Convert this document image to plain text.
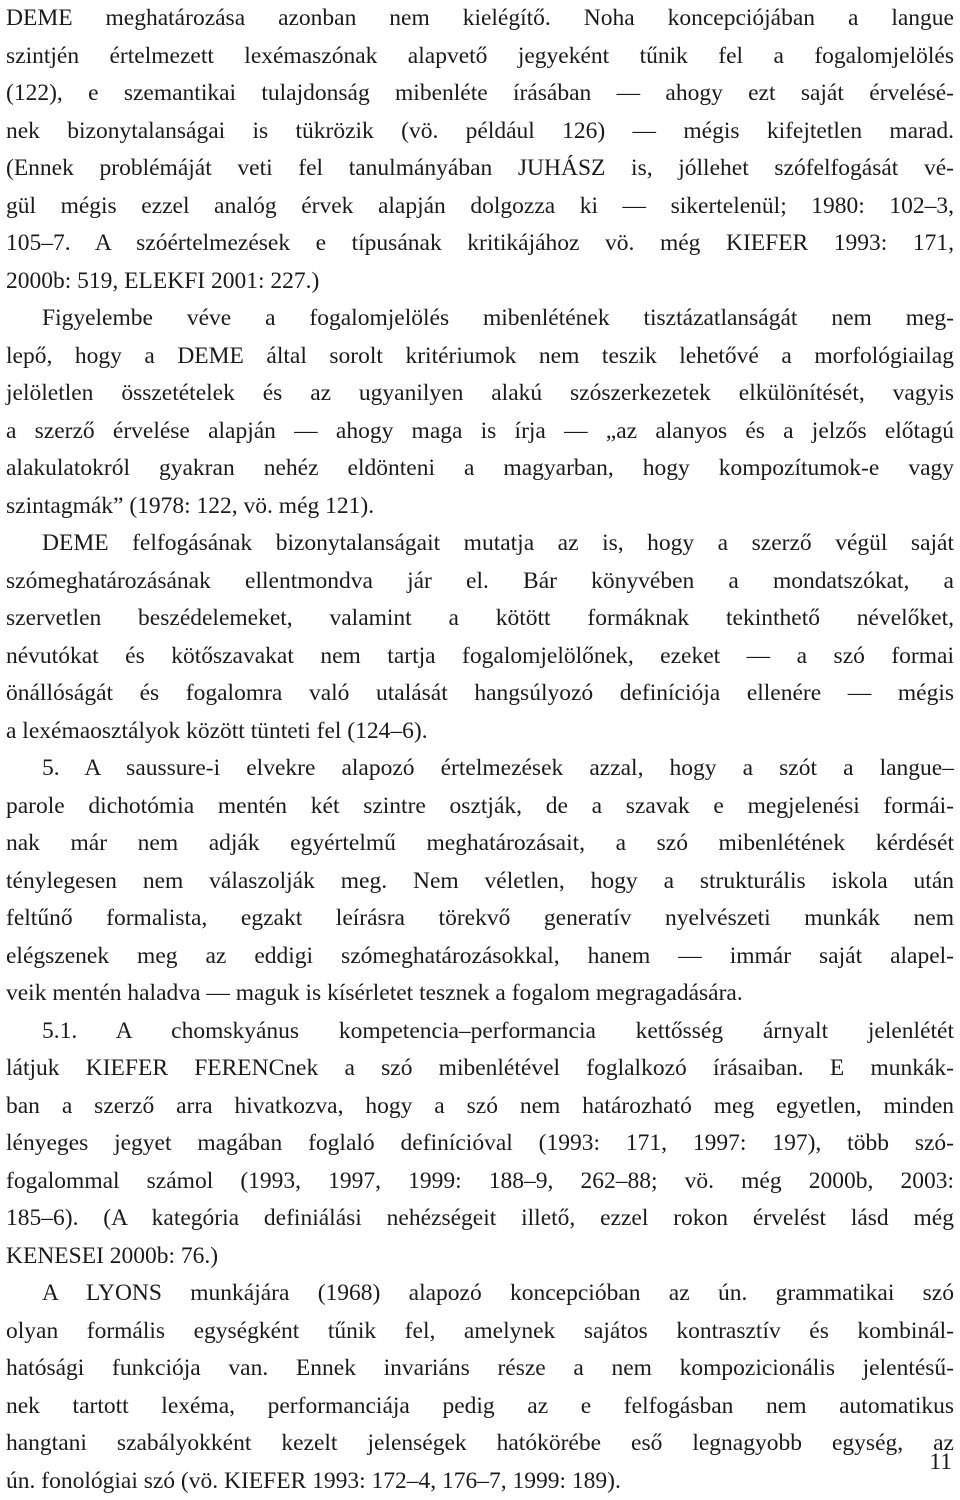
DEME meghatározása azonban nem kielégítő. Noha koncepciójában a langue
szintjén értelmezett lexémaszónak alapvető jegyeként tűnik fel a fogalomjelölés
(122), e szemantikai tulajdonság mibenléte írásában — ahogy ezt saját érvelésé-
nek bizonytalanságai is tükrözik (vö. például 126) — mégis kifejtetlen marad.
(Ennek problémáját veti fel tanulmányában JUHÁSZ is, jóllehet szófelfogását vé-
gül mégis ezzel analóg érvek alapján dolgozza ki — sikertelenül; 1980: 102–3,
105–7. A szóértelmezések e típusának kritikájához vö. még KIEFER 1993: 171,
2000b: 519, ELEKFI 2001: 227.)
Figyelembe véve a fogalomjelölés mibenlétének tisztázatlanságát nem meg-
lepő, hogy a DEME által sorolt kritériumok nem teszik lehetővé a morfológiailag
jelöletlen összetételek és az ugyanilyen alakú szószerkezetek elkülönítését, vagyis
a szerző érvelése alapján — ahogy maga is írja — „az alanyos és a jelzős előtagú
alakulatokról gyakran nehéz eldönteni a magyarban, hogy kompozítumok-e vagy
szintagmák” (1978: 122, vö. még 121).
DEME felfogásának bizonytalanságait mutatja az is, hogy a szerző végül saját
szómeghatározásának ellentmondva jár el. Bár könyvében a mondatszókat, a
szervetlen beszédelemeket, valamint a kötött formáknak tekinthető névelőket,
névutókat és kötőszavakat nem tartja fogalomjelölőnek, ezeket — a szó formai
önállóságát és fogalomra való utalását hangsúlyozó definíciója ellenére — mégis
a lexémaosztályok között tünteti fel (124–6).
5. A saussure-i elvekre alapozó értelmezések azzal, hogy a szót a langue–
parole dichotómia mentén két szintre osztják, de a szavak e megjelenési formái-
nak már nem adják egyértelmű meghatározásait, a szó mibenlétének kérdését
ténylegesen nem válaszolják meg. Nem véletlen, hogy a strukturális iskola után
feltűnő formalista, egzakt leírásra törekvő generatív nyelvészeti munkák nem
elégszenek meg az eddigi szómeghatározásokkal, hanem — immár saját alapel-
veik mentén haladva — maguk is kísérletet tesznek a fogalom megragadására.
5.1. A chomskyánus kompetencia–performancia kettősség árnyalt jelenlétét
látjuk KIEFER FERENCnek a szó mibenlétével foglalkozó írásaiban. E munkák-
ban a szerző arra hivatkozva, hogy a szó nem határozható meg egyetlen, minden
lényeges jegyet magában foglaló definícióval (1993: 171, 1997: 197), több szó-
fogalommal számol (1993, 1997, 1999: 188–9, 262–88; vö. még 2000b, 2003:
185–6). (A kategória definiálási nehézségeit illető, ezzel rokon érvelést lásd még
KENESEI 2000b: 76.)
A LYONS munkájára (1968) alapozó koncepcióban az ún. grammatikai szó
olyan formális egységként tűnik fel, amelynek sajátos kontrasztív és kombinál-
hatósági funkciója van. Ennek invariáns része a nem kompozicionális jelentésű-
nek tartott lexéma, performanciája pedig az e felfogásban nem automatikus
hangtani szabályokként kezelt jelenségek hatókörébe eső legnagyobb egység, az
ún. fonológiai szó (vö. KIEFER 1993: 172–4, 176–7, 1999: 189).
11
